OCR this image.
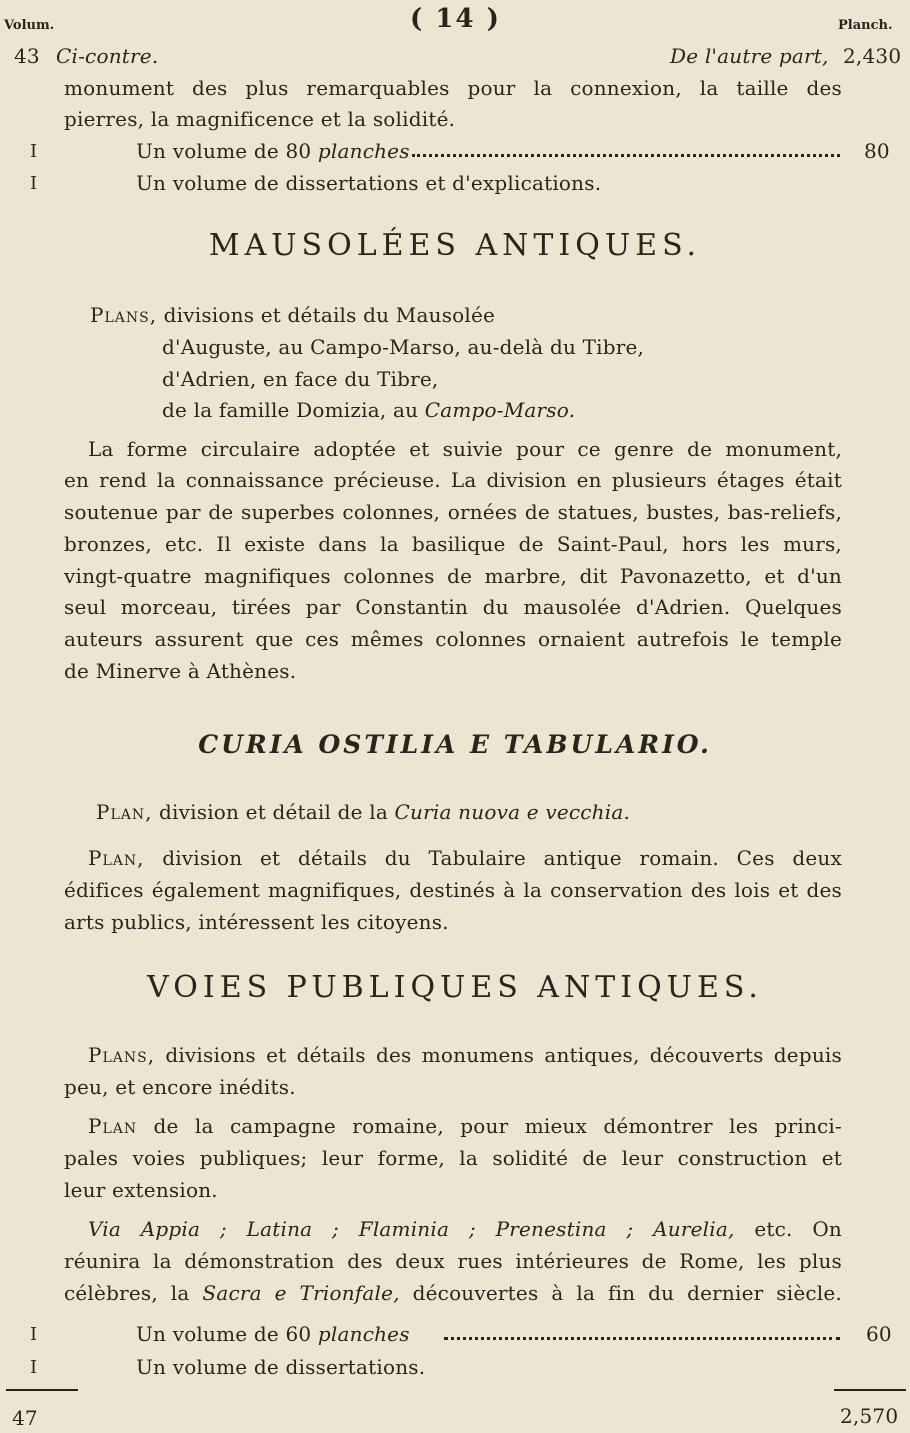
Volum.	( 14 )	Planch.
43 Ci-contre.	De l'autre part, 2,430
monument des plus remarquables pour la connexion, la taille des
pierres, la magnificence et la solidité.
I	Un volume de 80 planches	80
I	Un volume de dissertations et d'explications.
MAUSOLÉES ANTIQUES.
Plans, divisions et détails du Mausolée
d'Auguste, au Campo-Marso, au-delà du Tibre,
d'Adrien, en face du Tibre,
de la famille Domizia, au Campo-Marso.
La forme circulaire adoptée et suivie pour ce genre de monument,
en rend la connaissance précieuse. La division en plusieurs étages était
soutenue par de superbes colonnes, ornées de statues, bustes, bas-reliefs,
bronzes, etc. Il existe dans la basilique de Saint-Paul, hors les murs,
vingt-quatre magnifiques colonnes de marbre, dit Pavonazetto, et d'un
seul morceau, tirées par Constantin du mausolée d'Adrien. Quelques
auteurs assurent que ces mêmes colonnes ornaient autrefois le temple
de Minerve à Athènes.
CURIA OSTILIA E TABULARIO.
Plan, division et détail de la Curia nuova e vecchia.
Plan, division et détails du Tabulaire antique romain. Ces deux
édifices également magnifiques, destinés à la conservation des lois et des
arts publics, intéressent les citoyens.
VOIES PUBLIQUES ANTIQUES.
Plans, divisions et détails des monumens antiques, découverts depuis
peu, et encore inédits.
Plan de la campagne romaine, pour mieux démontrer les princi-
pales voies publiques; leur forme, la solidité de leur construction et
leur extension.
Via Appia ; Latina ; Flaminia ; Prenestina ; Aurelia, etc. On
réunira la démonstration des deux rues intérieures de Rome, les plus
célèbres, la Sacra e Trionfale, découvertes à la fin du dernier siècle.
I	Un volume de 60 planches	60
I	Un volume de dissertations.
47	2,570
